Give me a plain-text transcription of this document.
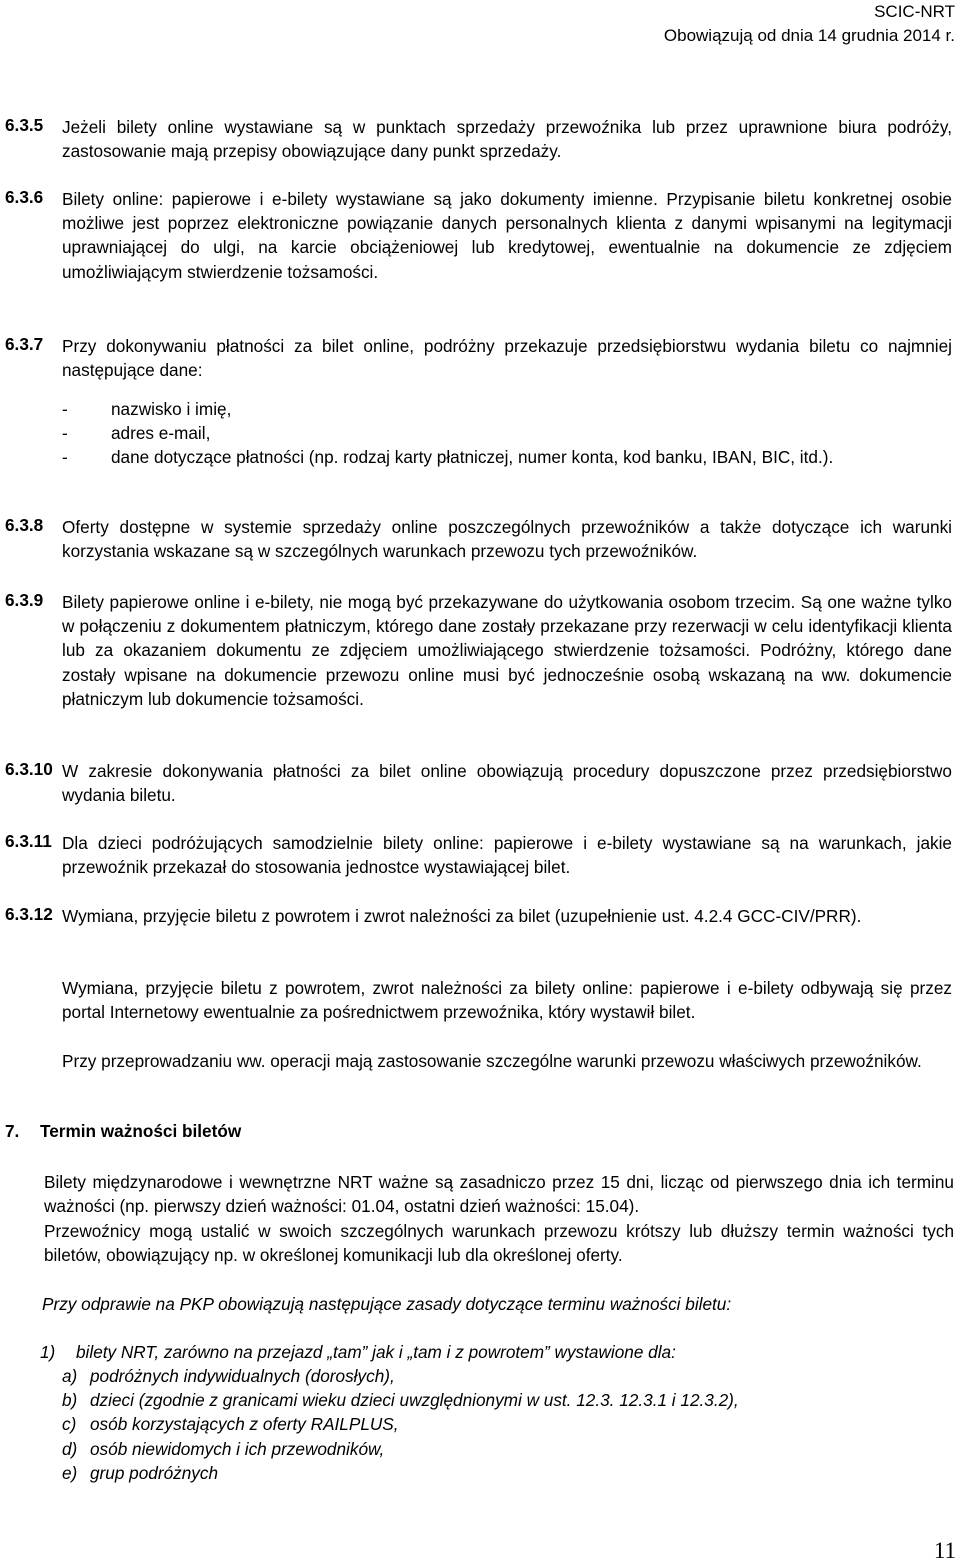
SCIC-NRT
Obowiązują od dnia 14 grudnia 2014 r.
6.3.5 Jeżeli bilety online wystawiane są w punktach sprzedaży przewoźnika lub przez uprawnione biura podróży, zastosowanie mają przepisy obowiązujące dany punkt sprzedaży.
6.3.6 Bilety online: papierowe i e-bilety wystawiane są jako dokumenty imienne. Przypisanie biletu konkretnej osobie możliwe jest poprzez elektroniczne powiązanie danych personalnych klienta z danymi wpisanymi na legitymacji uprawniającej do ulgi, na karcie obciążeniowej lub kredytowej, ewentualnie na dokumencie ze zdjęciem umożliwiającym stwierdzenie tożsamości.
6.3.7 Przy dokonywaniu płatności za bilet online, podróżny przekazuje przedsiębiorstwu wydania biletu co najmniej następujące dane:
-	nazwisko i imię,
-	adres e-mail,
-	dane dotyczące płatności (np. rodzaj karty płatniczej, numer konta, kod banku, IBAN, BIC, itd.).
6.3.8 Oferty dostępne w systemie sprzedaży online poszczególnych przewoźników a także dotyczące ich warunki korzystania wskazane są w szczególnych warunkach przewozu tych przewoźników.
6.3.9 Bilety papierowe online i e-bilety, nie mogą być przekazywane do użytkowania osobom trzecim. Są one ważne tylko w połączeniu z dokumentem płatniczym, którego dane zostały przekazane przy rezerwacji w celu identyfikacji klienta lub za okazaniem dokumentu ze zdjęciem umożliwiającego stwierdzenie tożsamości. Podróżny, którego dane zostały wpisane na dokumencie przewozu online musi być jednocześnie osobą wskazaną na ww. dokumencie płatniczym lub dokumencie tożsamości.
6.3.10 W zakresie dokonywania płatności za bilet online obowiązują procedury dopuszczone przez przedsiębiorstwo wydania biletu.
6.3.11 Dla dzieci podróżujących samodzielnie bilety online: papierowe i e-bilety wystawiane są na warunkach, jakie przewoźnik przekazał do stosowania jednostce wystawiającej bilet.
6.3.12 Wymiana, przyjęcie biletu z powrotem i zwrot należności za bilet (uzupełnienie ust. 4.2.4 GCC-CIV/PRR).
Wymiana, przyjęcie biletu z powrotem, zwrot należności za bilety online: papierowe i e-bilety odbywają się przez portal Internetowy ewentualnie za pośrednictwem przewoźnika, który wystawił bilet.
Przy przeprowadzaniu ww. operacji mają zastosowanie szczególne warunki przewozu właściwych przewoźników.
7. Termin ważności biletów
Bilety międzynarodowe i wewnętrzne NRT ważne są zasadniczo przez 15 dni, licząc od pierwszego dnia ich terminu ważności (np. pierwszy dzień ważności: 01.04, ostatni dzień ważności: 15.04).
Przewoźnicy mogą ustalić w swoich szczególnych warunkach przewozu krótszy lub dłuższy termin ważności tych biletów, obowiązujący np. w określonej komunikacji lub dla określonej oferty.
Przy odprawie na PKP obowiązują następujące zasady dotyczące terminu ważności biletu:
1) bilety NRT, zarówno na przejazd „tam” jak i „tam i z powrotem” wystawione dla:
a) podróżnych indywidualnych (dorosłych),
b) dzieci (zgodnie z granicami wieku dzieci uwzględnionymi w ust. 12.3. 12.3.1 i 12.3.2),
c) osób korzystających z oferty RAILPLUS,
d) osób niewidomych i ich przewodników,
e) grup podróżnych
11
